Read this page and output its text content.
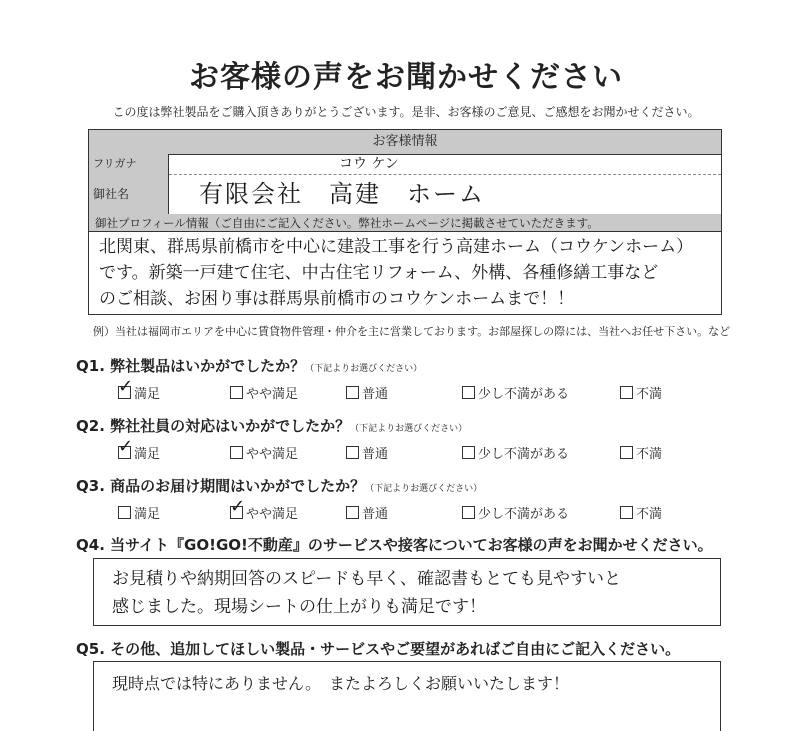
お客様の声をお聞かせください
この度は弊社製品をご購入頂きありがとうございます。是非、お客様のご意見、ご感想をお聞かせください。
お客様情報
フリガナ	コウ ケン
御社名	有限会社　高建　ホーム
御社プロフィール情報（ご自由にご記入ください。弊社ホームページに掲載させていただきます。
北関東、群馬県前橋市を中心に建設工事を行う高建ホーム（コウケンホーム）
です。新築一戸建て住宅、中古住宅リフォーム、外構、各種修繕工事など
のご相談、お困り事は群馬県前橋市のコウケンホームまで！！
例）当社は福岡市エリアを中心に賃貸物件管理・仲介を主に営業しております。お部屋探しの際には、当社へお任せ下さい。など
Q1. 弊社製品はいかがでしたか？（下記よりお選びください）
✓ 満足	やや満足	普通	少し不満がある	不満
Q2. 弊社社員の対応はいかがでしたか？（下記よりお選びください）
✓ 満足	やや満足	普通	少し不満がある	不満
Q3. 商品のお届け期間はいかがでしたか？（下記よりお選びください）
満足	✓ やや満足	普通	少し不満がある	不満
Q4. 当サイト『GO!GO!不動産』のサービスや接客についてお客様の声をお聞かせください。
お見積りや納期回答のスピードも早く、確認書もとても見やすいと
感じました。現場シートの仕上がりも満足です！
Q5. その他、追加してほしい製品・サービスやご要望があればご自由にご記入ください。
現時点では特にありません。　またよろしくお願いいたします！
